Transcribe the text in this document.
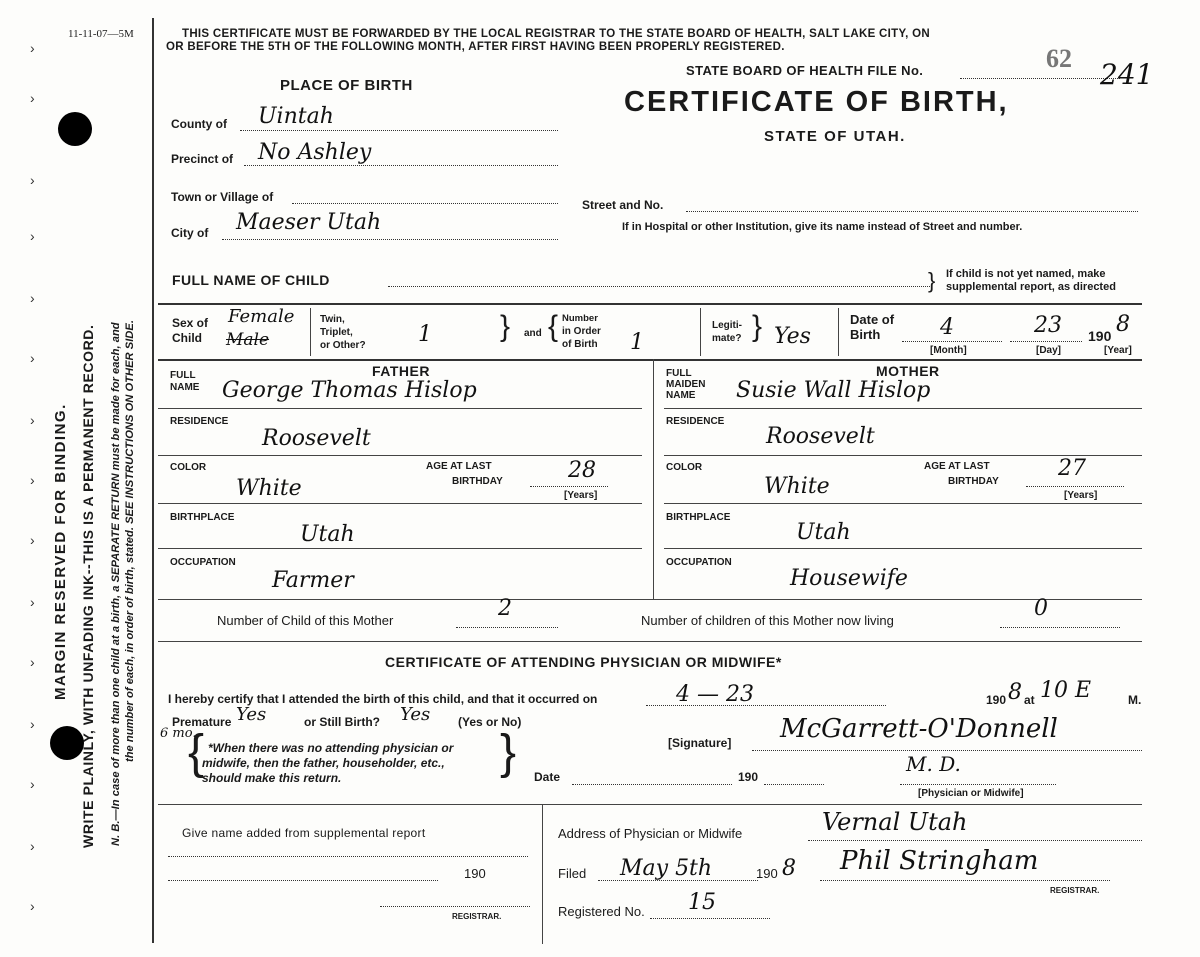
›
›
›
›
›
›
›
›
›
›
›
›
›
›
›
MARGIN RESERVED FOR BINDING. WRITE PLAINLY, WITH UNFADING INK--THIS IS A PERMANENT RECORD. N. B.—In case of more than one child at a birth, a SEPARATE RETURN must be made for each, and the number of each, in order of birth, stated. SEE INSTRUCTIONS ON OTHER SIDE.
11-11-07—5M	THIS CERTIFICATE MUST BE FORWARDED BY THE LOCAL REGISTRAR TO THE STATE BOARD OF HEALTH, SALT LAKE CITY, ON
OR BEFORE THE 5TH OF THE FOLLOWING MONTH, AFTER FIRST HAVING BEEN PROPERLY REGISTERED.
STATE BOARD OF HEALTH FILE No.	62 241
CERTIFICATE OF BIRTH,
STATE OF UTAH.
PLACE OF BIRTH
County of Uintah
Precinct of No Ashley
Town or Village of
City of Maeser Utah
Street and No.
If in Hospital or other Institution, give its name instead of Street and number.
FULL NAME OF CHILD	} If child is not yet named, make
supplemental report, as directed
Sex of
Child
Female
Male
Twin,
Triplet,
or Other? 1 } and { Number
in Order
of Birth 1
Legiti-
mate? } Yes
Date of
Birth	4	23 190 8
[Month]	[Day]	[Year]
FATHER
FULL
NAME George Thomas Hislop
RESIDENCE
Roosevelt
COLOR
White
AGE AT LAST
BIRTHDAY	28
[Years]
BIRTHPLACE
Utah
OCCUPATION
Farmer
MOTHER
FULL
MAIDEN
NAME Susie Wall Hislop
RESIDENCE
Roosevelt
COLOR
White
AGE AT LAST
BIRTHDAY
27
[Years]
BIRTHPLACE
Utah
OCCUPATION
Housewife
Number of Child of this Mother	2	Number of children of this Mother now living	0
CERTIFICATE OF ATTENDING PHYSICIAN OR MIDWIFE*
I hereby certify that I attended the birth of this child, and that it occurred on	4 — 23	190 8 at 10 E	M.
Premature Yes	or Still Birth? Yes (Yes or No)
6 mo.
{ *When there was no attending physician or
midwife, then the father, householder, etc.,
should make this return.	}	[Signature] McGarrett-O'Donnell
M. D.
Date	190
[Physician or Midwife]
Give name added from supplemental report
190
REGISTRAR.
Address of Physician or Midwife	Vernal Utah
Filed May 5th	190 8 Phil Stringham
REGISTRAR.
Registered No. 15
